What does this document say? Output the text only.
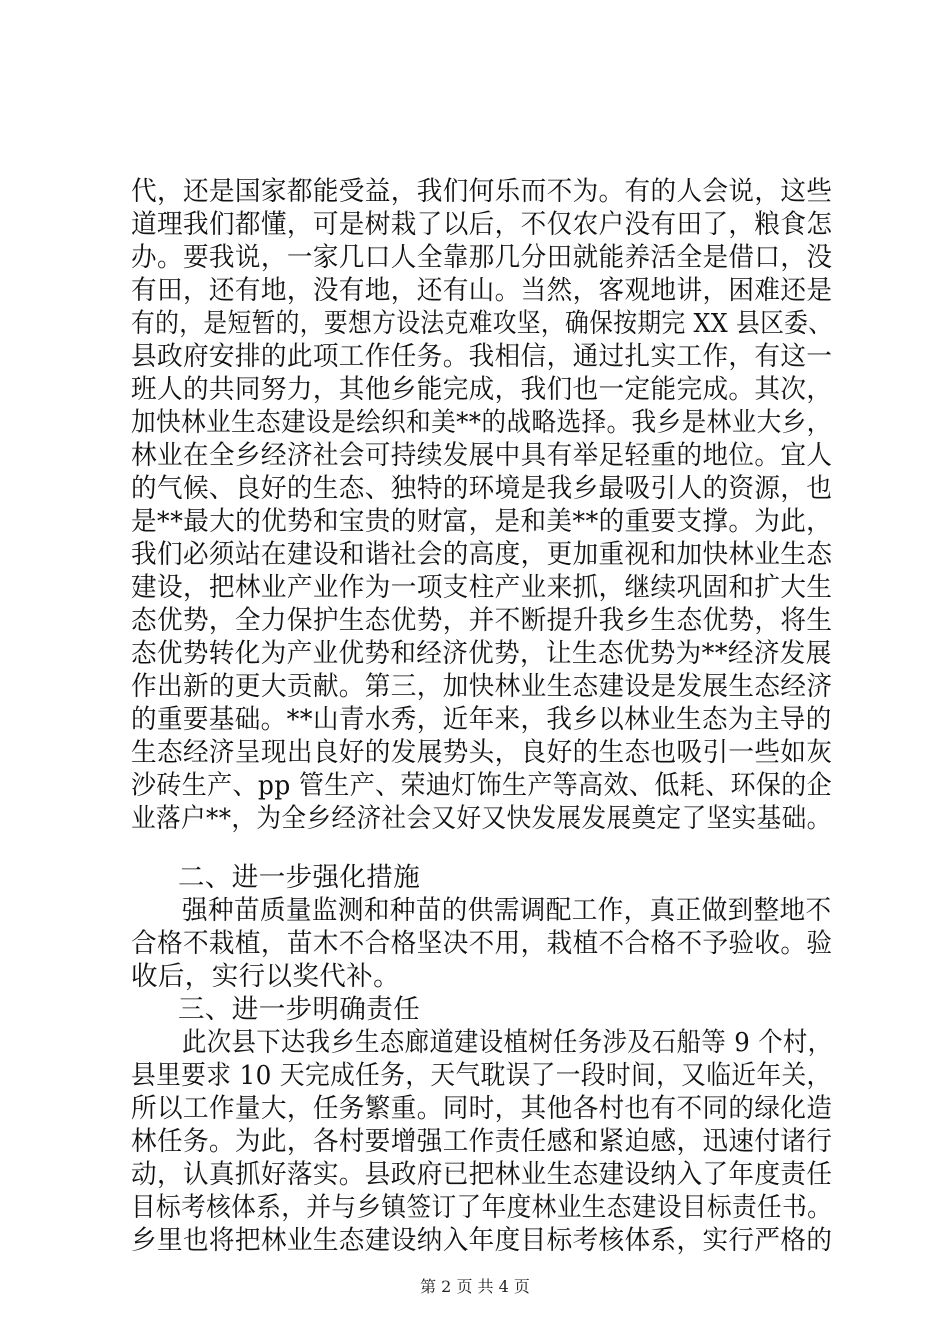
代，还是国家都能受益，我们何乐而不为。有的人会说，这些
道理我们都懂，可是树栽了以后，不仅农户没有田了，粮食怎
办。要我说，一家几口人全靠那几分田就能养活全是借口，没
有田，还有地，没有地，还有山。当然，客观地讲，困难还是
有的，是短暂的，要想方设法克难攻坚，确保按期完 XX 县区委、
县政府安排的此项工作任务。我相信，通过扎实工作，有这一
班人的共同努力，其他乡能完成，我们也一定能完成。其次，
加快林业生态建设是绘织和美**的战略选择。我乡是林业大乡，
林业在全乡经济社会可持续发展中具有举足轻重的地位。宜人
的气候、良好的生态、独特的环境是我乡最吸引人的资源，也
是**最大的优势和宝贵的财富，是和美**的重要支撑。为此，
我们必须站在建设和谐社会的高度，更加重视和加快林业生态
建设，把林业产业作为一项支柱产业来抓，继续巩固和扩大生
态优势，全力保护生态优势，并不断提升我乡生态优势，将生
态优势转化为产业优势和经济优势，让生态优势为**经济发展
作出新的更大贡献。第三，加快林业生态建设是发展生态经济
的重要基础。**山青水秀，近年来，我乡以林业生态为主导的
生态经济呈现出良好的发展势头，良好的生态也吸引一些如灰
沙砖生产、pp 管生产、荣迪灯饰生产等高效、低耗、环保的企
业落户**，为全乡经济社会又好又快发展发展奠定了坚实基础。
二、进一步强化措施
强种苗质量监测和种苗的供需调配工作，真正做到整地不
合格不栽植，苗木不合格坚决不用，栽植不合格不予验收。验
收后，实行以奖代补。
三、进一步明确责任
此次县下达我乡生态廊道建设植树任务涉及石船等 9 个村，
县里要求 10 天完成任务，天气耽误了一段时间，又临近年关，
所以工作量大，任务繁重。同时，其他各村也有不同的绿化造
林任务。为此，各村要增强工作责任感和紧迫感，迅速付诸行
动，认真抓好落实。县政府已把林业生态建设纳入了年度责任
目标考核体系，并与乡镇签订了年度林业生态建设目标责任书。
乡里也将把林业生态建设纳入年度目标考核体系，实行严格的
第 2 页 共 4 页
